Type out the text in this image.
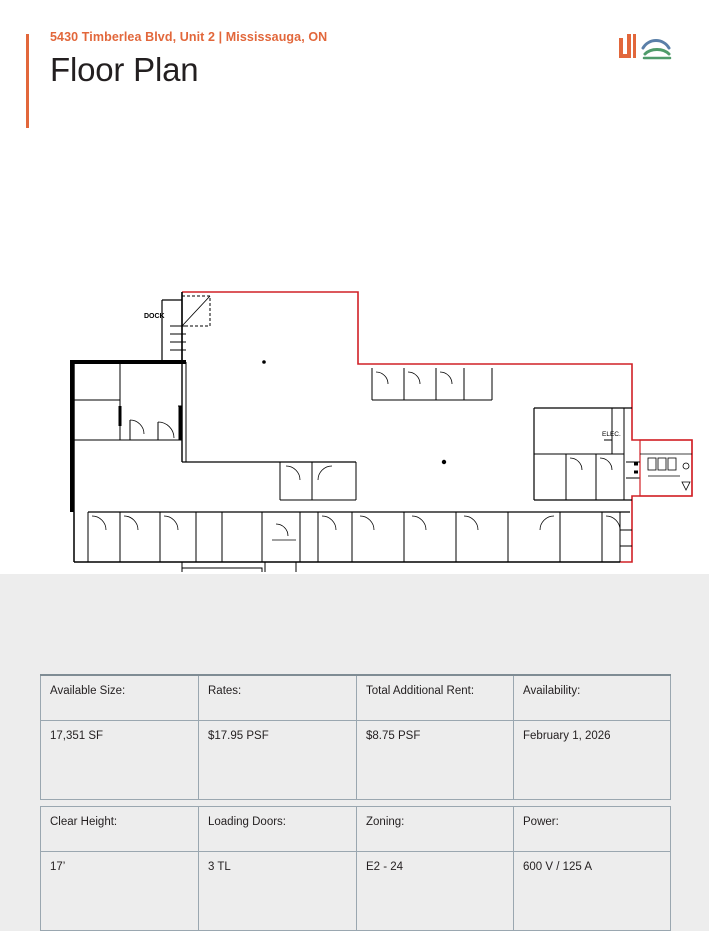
5430 Timberlea Blvd, Unit 2 | Mississauga, ON
Floor Plan
DOCK
ELEC.
Available Size:	Rates:	Total Additional Rent:	Availability:
17,351 SF	$17.95 PSF	$8.75 PSF	February 1, 2026

Clear Height:	Loading Doors:	Zoning:	Power:
17’	3 TL	E2 - 24	600 V / 125 A
